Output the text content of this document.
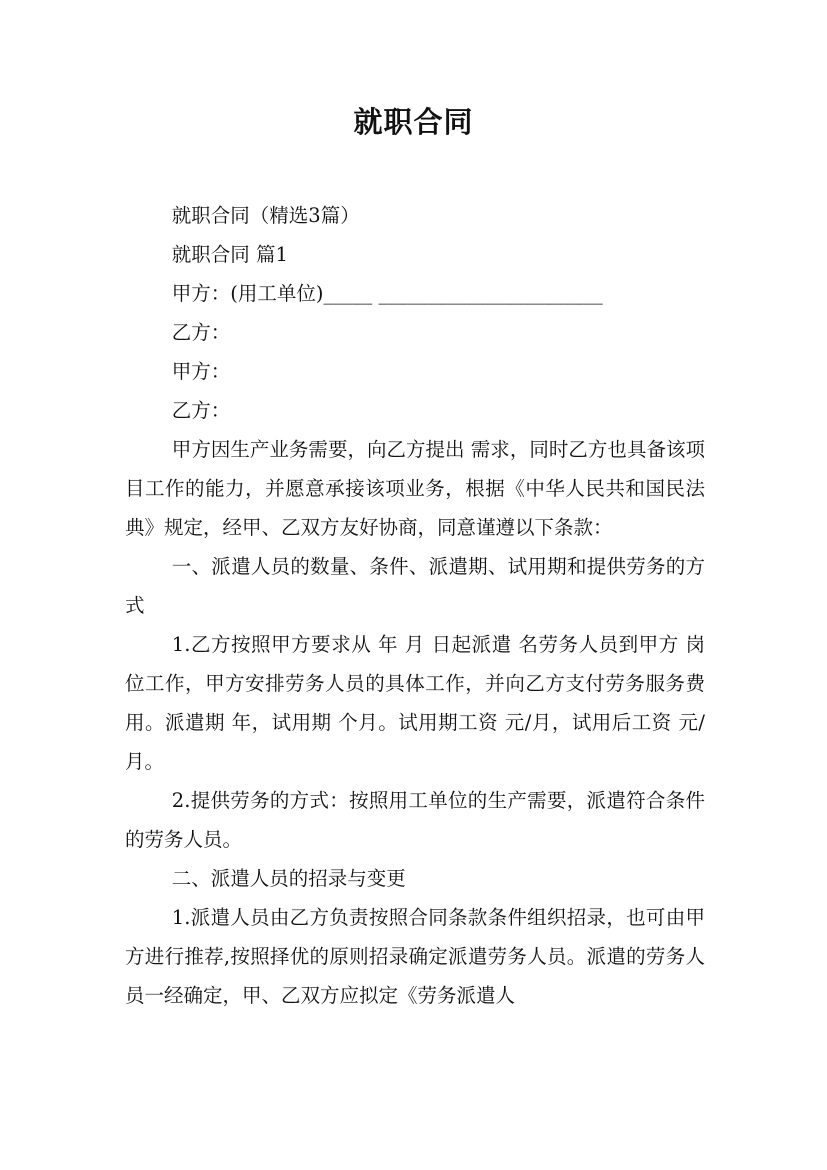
就职合同

就职合同（精选3篇）

就职合同 篇1

甲方：(用工单位)_____ _______________________

乙方：

甲方：

乙方：

甲方因生产业务需要，向乙方提出 需求，同时乙方也具备该项目工作的能力，并愿意承接该项业务，根据《中华人民共和国民法典》规定，经甲、乙双方友好协商，同意谨遵以下条款：

一、派遣人员的数量、条件、派遣期、试用期和提供劳务的方式

1.乙方按照甲方要求从 年 月 日起派遣 名劳务人员到甲方 岗位工作，甲方安排劳务人员的具体工作，并向乙方支付劳务服务费用。派遣期 年，试用期 个月。试用期工资 元/月，试用后工资 元/月。

2.提供劳务的方式：按照用工单位的生产需要，派遣符合条件的劳务人员。

二、派遣人员的招录与变更

1.派遣人员由乙方负责按照合同条款条件组织招录，也可由甲方进行推荐,按照择优的原则招录确定派遣劳务人员。派遣的劳务人员一经确定，甲、乙双方应拟定《劳务派遣人
